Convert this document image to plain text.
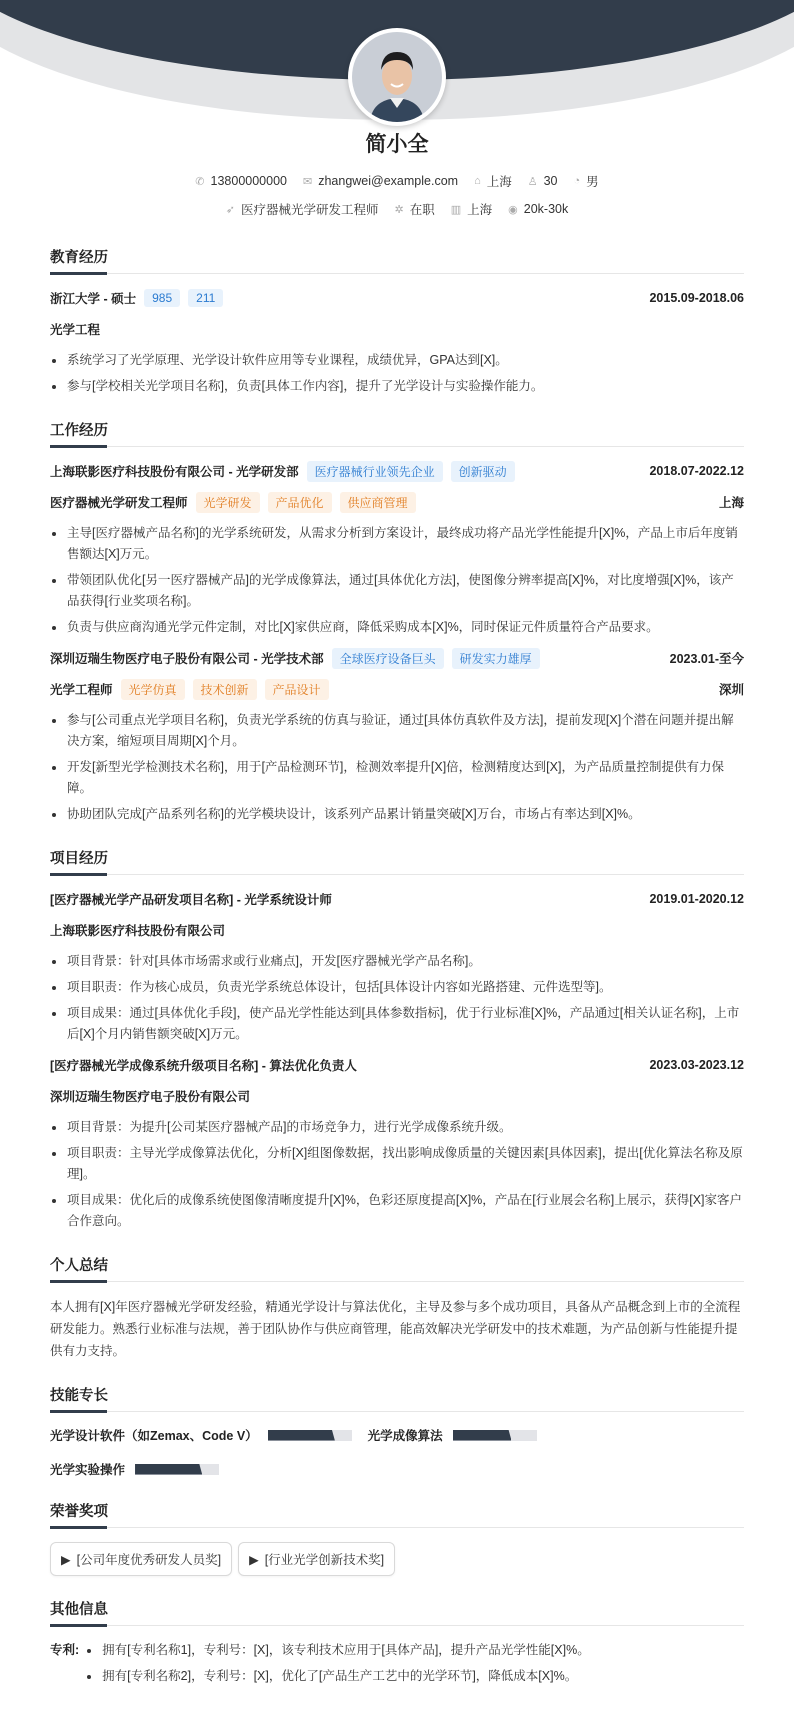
简小全
✆ 13800000000 ✉ zhangwei@example.com ⌂ 上海 ♙ 30 ◔ 男
➶ 医疗器械光学研发工程师 ✲ 在职 ▥ 上海 ◉ 20k-30k
教育经历
浙江大学 - 硕士	985	211	2015.09-2018.06
光学工程
系统学习了光学原理、光学设计软件应用等专业课程，成绩优异，GPA达到[X]。
参与[学校相关光学项目名称]，负责[具体工作内容]，提升了光学设计与实验操作能力。
工作经历
上海联影医疗科技股份有限公司 - 光学研发部	医疗器械行业领先企业	创新驱动	2018.07-2022.12
医疗器械光学研发工程师	光学研发	产品优化	供应商管理	上海
主导[医疗器械产品名称]的光学系统研发，从需求分析到方案设计，最终成功将产品光学性能提升[X]%，产品上市后年度销售额达[X]万元。
带领团队优化[另一医疗器械产品]的光学成像算法，通过[具体优化方法]，使图像分辨率提高[X]%，对比度增强[X]%，该产品获得[行业奖项名称]。
负责与供应商沟通光学元件定制，对比[X]家供应商，降低采购成本[X]%，同时保证元件质量符合产品要求。
深圳迈瑞生物医疗电子股份有限公司 - 光学技术部	全球医疗设备巨头	研发实力雄厚	2023.01-至今
光学工程师	光学仿真	技术创新	产品设计	深圳
参与[公司重点光学项目名称]，负责光学系统的仿真与验证，通过[具体仿真软件及方法]，提前发现[X]个潜在问题并提出解决方案，缩短项目周期[X]个月。
开发[新型光学检测技术名称]，用于[产品检测环节]，检测效率提升[X]倍，检测精度达到[X]，为产品质量控制提供有力保障。
协助团队完成[产品系列名称]的光学模块设计，该系列产品累计销量突破[X]万台，市场占有率达到[X]%。
项目经历
[医疗器械光学产品研发项目名称] - 光学系统设计师	2019.01-2020.12
上海联影医疗科技股份有限公司
项目背景：针对[具体市场需求或行业痛点]，开发[医疗器械光学产品名称]。
项目职责：作为核心成员，负责光学系统总体设计，包括[具体设计内容如光路搭建、元件选型等]。
项目成果：通过[具体优化手段]，使产品光学性能达到[具体参数指标]，优于行业标准[X]%，产品通过[相关认证名称]，上市后[X]个月内销售额突破[X]万元。
[医疗器械光学成像系统升级项目名称] - 算法优化负责人	2023.03-2023.12
深圳迈瑞生物医疗电子股份有限公司
项目背景：为提升[公司某医疗器械产品]的市场竞争力，进行光学成像系统升级。
项目职责：主导光学成像算法优化，分析[X]组图像数据，找出影响成像质量的关键因素[具体因素]，提出[优化算法名称及原理]。
项目成果：优化后的成像系统使图像清晰度提升[X]%，色彩还原度提高[X]%，产品在[行业展会名称]上展示，获得[X]家客户合作意向。
个人总结

本人拥有[X]年医疗器械光学研发经验，精通光学设计与算法优化，主导及参与多个成功项目，具备从产品概念到上市的全流程研发能力。熟悉行业标准与法规，善于团队协作与供应商管理，能高效解决光学研发中的技术难题，为产品创新与性能提升提供有力支持。

技能专长
光学设计软件（如Zemax、Code V）	光学成像算法
光学实验操作
荣誉奖项
▶ [公司年度优秀研发人员奖] ▶ [行业光学创新技术奖]
其他信息
专利:	拥有[专利名称1]，专利号：[X]，该专利技术应用于[具体产品]，提升产品光学性能[X]%。
拥有[专利名称2]，专利号：[X]，优化了[产品生产工艺中的光学环节]，降低成本[X]%。
